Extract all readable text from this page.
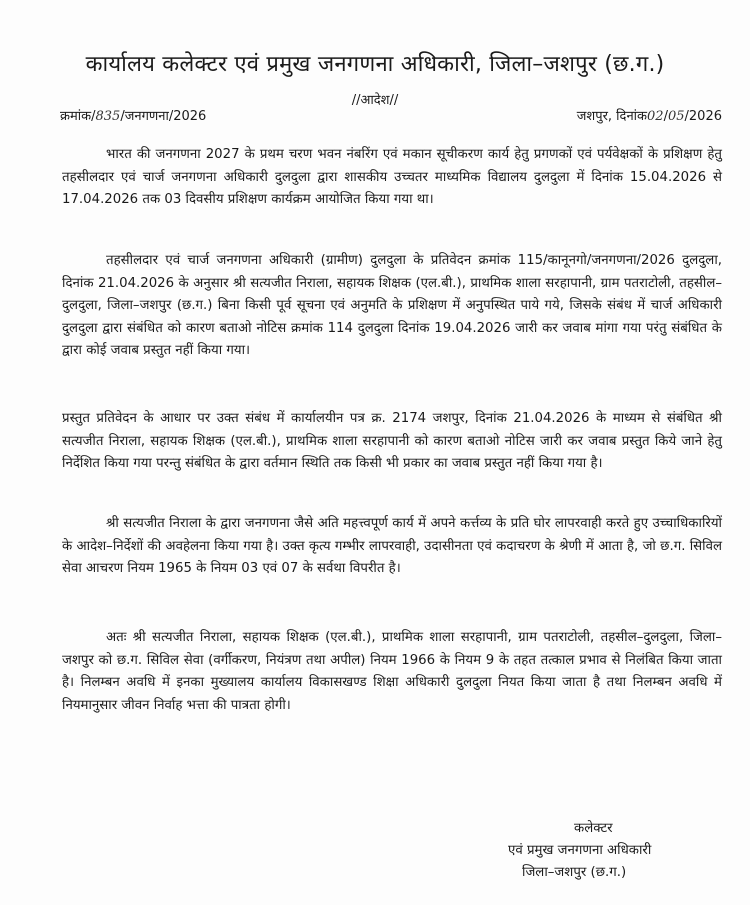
कार्यालय कलेक्टर एवं प्रमुख जनगणना अधिकारी, जिला–जशपुर (छ.ग.)
//आदेश//
क्रमांक/835/जनगणना/2026	जशपुर, दिनांक02/05/2026

भारत की जनगणना 2027 के प्रथम चरण भवन नंबरिंग एवं मकान सूचीकरण कार्य हेतु प्रगणकों एवं पर्यवेक्षकों के प्रशिक्षण हेतु तहसीलदार एवं चार्ज जनगणना अधिकारी दुलदुला द्वारा शासकीय उच्चतर माध्यमिक विद्यालय दुलदुला में दिनांक 15.04.2026 से 17.04.2026 तक 03 दिवसीय प्रशिक्षण कार्यक्रम आयोजित किया गया था।

तहसीलदार एवं चार्ज जनगणना अधिकारी (ग्रामीण) दुलदुला के प्रतिवेदन क्रमांक 115/कानूनगो/जनगणना/2026 दुलदुला, दिनांक 21.04.2026 के अनुसार श्री सत्यजीत निराला, सहायक शिक्षक (एल.बी.), प्राथमिक शाला सरहापानी, ग्राम पतराटोली, तहसील–दुलदुला, जिला–जशपुर (छ.ग.) बिना किसी पूर्व सूचना एवं अनुमति के प्रशिक्षण में अनुपस्थित पाये गये, जिसके संबंध में चार्ज अधिकारी दुलदुला द्वारा संबंधित को कारण बताओ नोटिस क्रमांक 114 दुलदुला दिनांक 19.04.2026 जारी कर जवाब मांगा गया परंतु संबंधित के द्वारा कोई जवाब प्रस्तुत नहीं किया गया।

प्रस्तुत प्रतिवेदन के आधार पर उक्त संबंध में कार्यालयीन पत्र क्र. 2174 जशपुर, दिनांक 21.04.2026 के माध्यम से संबंधित श्री सत्यजीत निराला, सहायक शिक्षक (एल.बी.), प्राथमिक शाला सरहापानी को कारण बताओ नोटिस जारी कर जवाब प्रस्तुत किये जाने हेतु निर्देशित किया गया परन्तु संबंधित के द्वारा वर्तमान स्थिति तक किसी भी प्रकार का जवाब प्रस्तुत नहीं किया गया है।

श्री सत्यजीत निराला के द्वारा जनगणना जैसे अति महत्त्वपूर्ण कार्य में अपने कर्त्तव्य के प्रति घोर लापरवाही करते हुए उच्चाधिकारियों के आदेश–निर्देशों की अवहेलना किया गया है। उक्त कृत्य गम्भीर लापरवाही, उदासीनता एवं कदाचरण के श्रेणी में आता है, जो छ.ग. सिविल सेवा आचरण नियम 1965 के नियम 03 एवं 07 के सर्वथा विपरीत है।

अतः श्री सत्यजीत निराला, सहायक शिक्षक (एल.बी.), प्राथमिक शाला सरहापानी, ग्राम पतराटोली, तहसील–दुलदुला, जिला–जशपुर को छ.ग. सिविल सेवा (वर्गीकरण, नियंत्रण तथा अपील) नियम 1966 के नियम 9 के तहत तत्काल प्रभाव से निलंबित किया जाता है। निलम्बन अवधि में इनका मुख्यालय कार्यालय विकासखण्ड शिक्षा अधिकारी दुलदुला नियत किया जाता है तथा निलम्बन अवधि में नियमानुसार जीवन निर्वाह भत्ता की पात्रता होगी।

कलेक्टर
एवं प्रमुख जनगणना अधिकारी
जिला–जशपुर (छ.ग.)
